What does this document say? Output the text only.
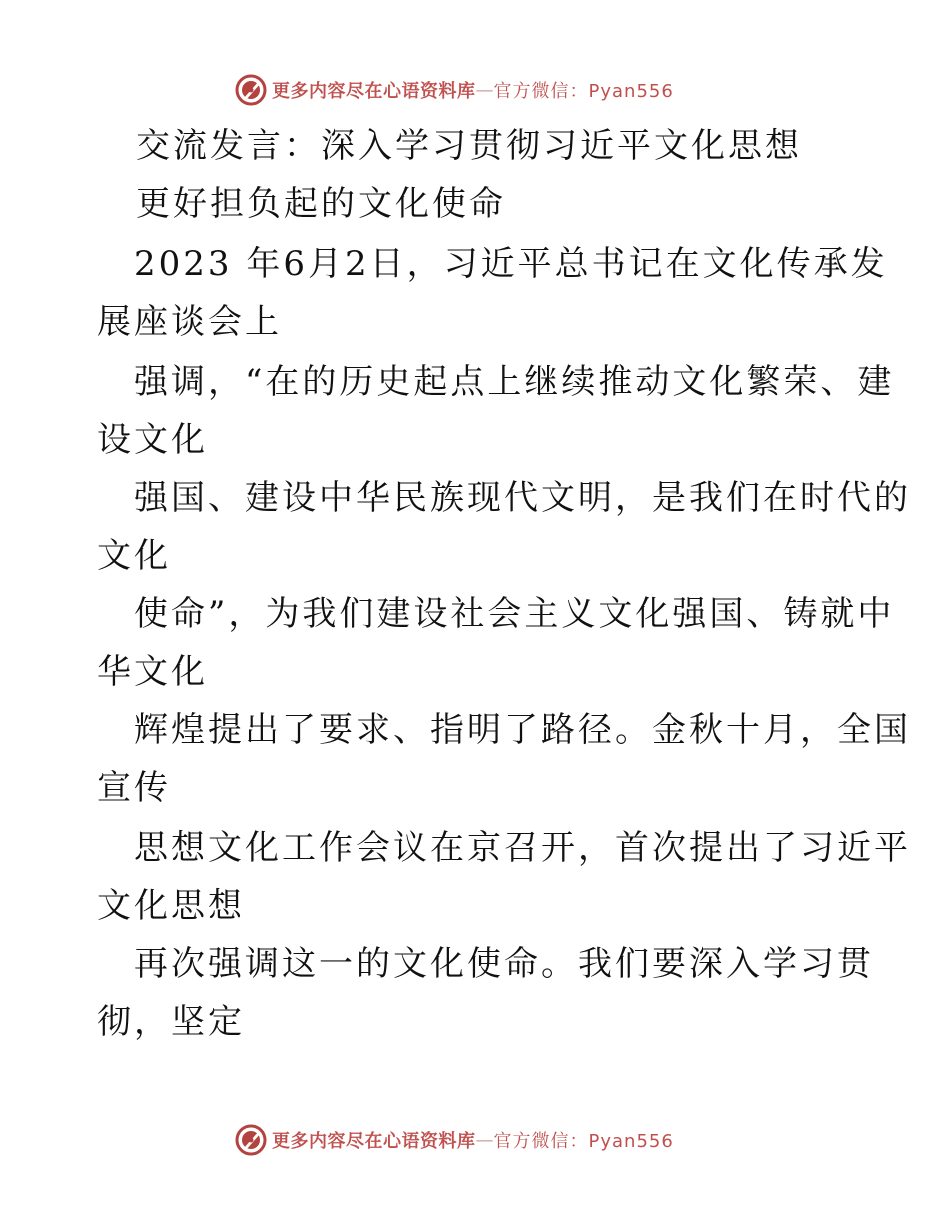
更多内容尽在心语资料库 — 官方微信：Pyan556
交流发言：深入学习贯彻习近平文化思想
更好担负起的文化使命
2023 年6月2日，习近平总书记在文化传承发
展座谈会上
强调，“在的历史起点上继续推动文化繁荣、建
设文化
强国、建设中华民族现代文明，是我们在时代的
文化
使命”，为我们建设社会主义文化强国、铸就中
华文化
辉煌提出了要求、指明了路径。金秋十月，全国
宣传
思想文化工作会议在京召开，首次提出了习近平
文化思想
再次强调这一的文化使命。我们要深入学习贯
彻，坚定
更多内容尽在心语资料库 — 官方微信：Pyan556
